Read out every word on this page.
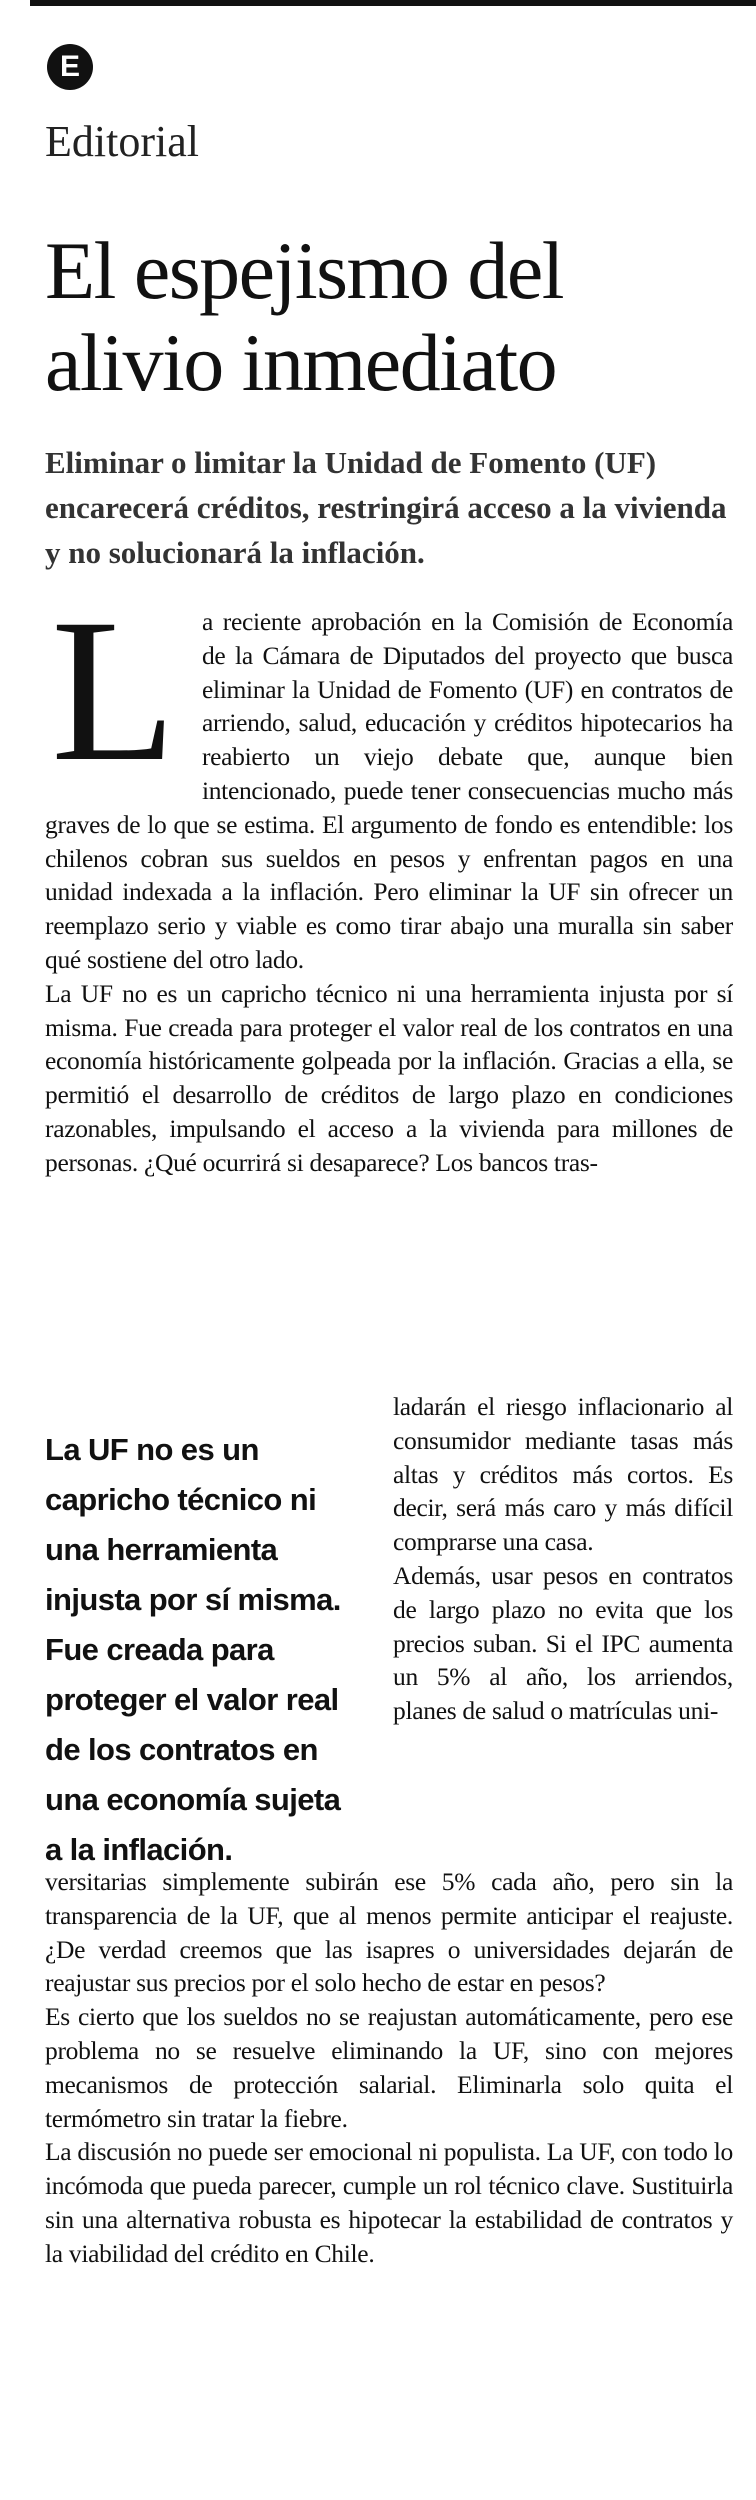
E
Editorial
El espejismo del alivio inmediato
Eliminar o limitar la Unidad de Fomento (UF) encarecerá créditos, restringirá acceso a la vivienda y no solucionará la inflación.

L a reciente aprobación en la Comisión de Economía de la Cámara de Diputados del proyecto que busca eliminar la Unidad de Fomento (UF) en contratos de arriendo, salud, educación y créditos hipotecarios ha reabierto un viejo debate que, aunque bien intencionado, puede tener consecuencias mucho más graves de lo que se estima. El argumento de fondo es entendible: los chilenos cobran sus sueldos en pesos y enfrentan pagos en una unidad indexada a la inflación. Pero eliminar la UF sin ofrecer un reemplazo serio y viable es como tirar abajo una muralla sin saber qué sostiene del otro lado.

La UF no es un capricho técnico ni una herramienta injusta por sí misma. Fue creada para proteger el valor real de los contratos en una economía históricamente golpeada por la inflación. Gracias a ella, se permitió el desarrollo de créditos de largo plazo en condiciones razonables, impulsando el acceso a la vivienda para millones de personas. ¿Qué ocurrirá si desaparece? Los bancos tras-

La UF no es un capricho técnico ni una herramienta injusta por sí misma. Fue creada para proteger el valor real de los contratos en una economía sujeta a la inflación.

ladarán el riesgo inflacionario al consumidor mediante tasas más altas y créditos más cortos. Es decir, será más caro y más difícil comprarse una casa.

Además, usar pesos en contratos de largo plazo no evita que los precios suban. Si el IPC aumenta un 5% al año, los arriendos, planes de salud o matrículas uni-

versitarias simplemente subirán ese 5% cada año, pero sin la transparencia de la UF, que al menos permite anticipar el reajuste. ¿De verdad creemos que las isapres o universidades dejarán de reajustar sus precios por el solo hecho de estar en pesos?

Es cierto que los sueldos no se reajustan automáticamente, pero ese problema no se resuelve eliminando la UF, sino con mejores mecanismos de protección salarial. Eliminarla solo quita el termómetro sin tratar la fiebre.

La discusión no puede ser emocional ni populista. La UF, con todo lo incómoda que pueda parecer, cumple un rol técnico clave. Sustituirla sin una alternativa robusta es hipotecar la estabilidad de contratos y la viabilidad del crédito en Chile.
